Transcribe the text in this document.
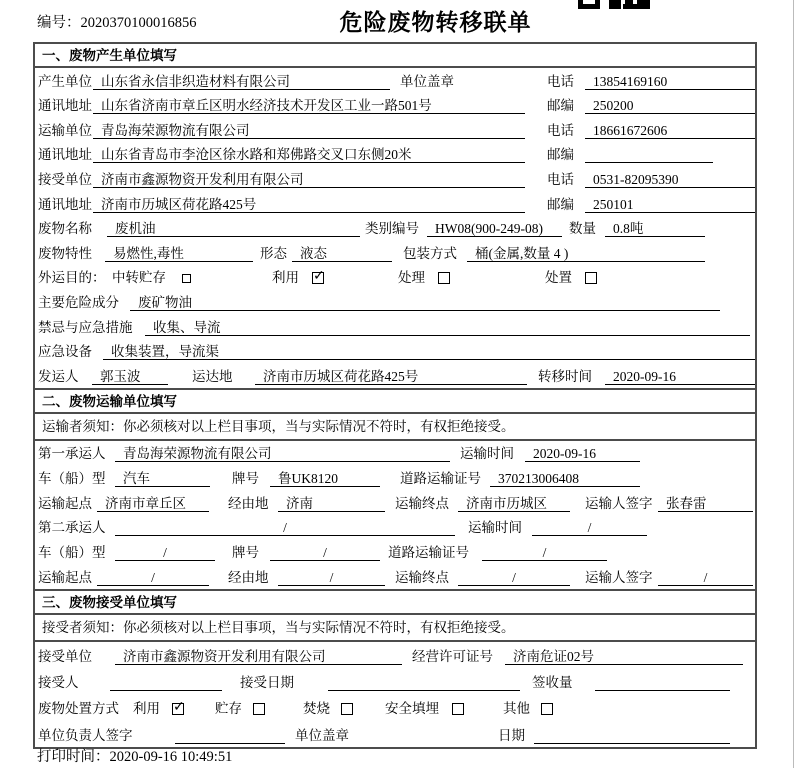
编号：2020370100016856	危险废物转移联单
一、废物产生单位填写
产生单位 山东省永信非织造材料有限公司	单位盖章	电话	13854169160
通讯地址 山东省济南市章丘区明水经济技术开发区工业一路501号	邮编	250200
运输单位 青岛海荣源物流有限公司	电话	18661672606
通讯地址 山东省青岛市李沧区徐水路和郑佛路交叉口东侧20米	邮编
接受单位 济南市鑫源物资开发利用有限公司	电话	0531-82095390
通讯地址 济南市历城区荷花路425号	邮编	250101
废物名称	废机油	类别编号	HW08(900-249-08)	数量	0.8吨
废物特性	易燃性,毒性	形态 液态	包装方式	桶(金属,数量 4 )
外运目的： 中转贮存	利用 ✓	处理	处置
主要危险成分	废矿物油
禁忌与应急措施	收集、导流
应急设备	收集装置，导流渠
发运人	郭玉波	运达地	济南市历城区荷花路425号	转移时间	2020-09-16
二、废物运输单位填写
运输者须知：你必须核对以上栏目事项，当与实际情况不符时，有权拒绝接受。
第一承运人	青岛海荣源物流有限公司	运输时间	2020-09-16
车（船）型	汽车	牌号	鲁UK8120	道路运输证号	370213006408
运输起点 济南市章丘区	经由地	济南	运输终点	济南市历城区	运输人签字	张春雷
第二承运人	/	运输时间	/
车（船）型	/	牌号	/	道路运输证号	/
运输起点	/	经由地	/	运输终点	/	运输人签字	/
三、废物接受单位填写
接受者须知：你必须核对以上栏目事项，当与实际情况不符时，有权拒绝接受。
接受单位	济南市鑫源物资开发利用有限公司	经营许可证号	济南危证02号
接受人	接受日期	签收量
废物处置方式 利用 ✓ 贮存	焚烧	安全填埋	其他
单位负责人签字	单位盖章	日期
打印时间：2020-09-16 10:49:51
